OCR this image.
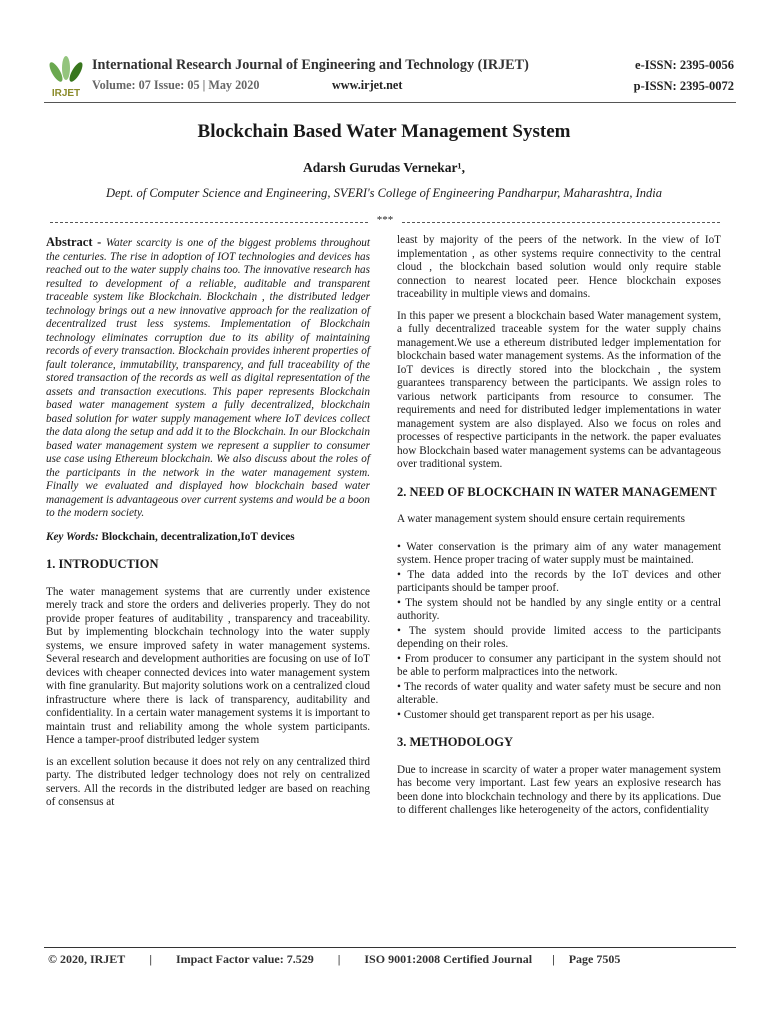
IRJET
International Research Journal of Engineering and Technology (IRJET)
Volume: 07 Issue: 05 | May 2020	www.irjet.net
e-ISSN: 2395-0056
p-ISSN: 2395-0072
Blockchain Based Water Management System
Adarsh Gurudas Vernekar¹,
Dept. of Computer Science and Engineering, SVERI's College of Engineering Pandharpur, Maharashtra, India
***

Abstract - Water scarcity is one of the biggest problems throughout the centuries. The rise in adoption of IOT technologies and devices has reached out to the water supply chains too. The innovative research has resulted to development of a reliable, auditable and transparent traceable system like Blockchain. Blockchain , the distributed ledger technology brings out a new innovative approach for the realization of decentralized trust less systems. Implementation of Blockchain technology eliminates corruption due to its ability of maintaining records of every transaction. Blockchain provides inherent properties of fault tolerance, immutability, transparency, and full traceability of the stored transaction of the records as well as digital representation of the assets and transaction executions. This paper represents Blockchain based water management system a fully decentralized, blockchain based solution for water supply management where IoT devices collect the data along the setup and add it to the Blockchain. In our Blockchain based water management system we represent a supplier to consumer use case using Ethereum blockchain. We also discuss about the roles of the participants in the network in the water management system. Finally we evaluated and displayed how blockchain based water management is advantageous over current systems and would be a boon to the modern society.

Key Words: Blockchain, decentralization,IoT devices

1. INTRODUCTION

The water management systems that are currently under existence merely track and store the orders and deliveries properly. They do not provide proper features of auditability , transparency and traceability. But by implementing blockchain technology into the water supply systems, we ensure improved safety in water management systems. Several research and development authorities are focusing on use of IoT devices with cheaper connected devices into water management system with fine granularity. But majority solutions work on a centralized cloud infrastructure where there is lack of transparency, auditability and confidentiality. In a certain water management systems it is important to maintain trust and reliability among the whole system participants. Hence a tamper-proof distributed ledger system

is an excellent solution because it does not rely on any centralized third party. The distributed ledger technology does not rely on centralized servers. All the records in the distributed ledger are based on reaching of consensus at

least by majority of the peers of the network. In the view of IoT implementation , as other systems require connectivity to the central cloud , the blockchain based solution would only require stable connection to nearest located peer. Hence blockchain exposes traceability in multiple views and domains.

In this paper we present a blockchain based Water management system, a fully decentralized traceable system for the water supply chains management.We use a ethereum distributed ledger implementation for blockchain based water management systems. As the information of the IoT devices is directly stored into the blockchain , the system guarantees transparency between the participants. We assign roles to various network participants from resource to consumer. The requirements and need for distributed ledger implementations in water management system are also displayed. Also we focus on roles and processes of respective participants in the network. the paper evaluates how Blockchain based water management systems can be advantageous over traditional system.

2. NEED OF BLOCKCHAIN IN WATER MANAGEMENT

A water management system should ensure certain requirements

• Water conservation is the primary aim of any water management system. Hence proper tracing of water supply must be maintained.

• The data added into the records by the IoT devices and other participants should be tamper proof.

• The system should not be handled by any single entity or a central authority.

• The system should provide limited access to the participants depending on their roles.

• From producer to consumer any participant in the system should not be able to perform malpractices into the network.

• The records of water quality and water safety must be secure and non alterable.

• Customer should get transparent report as per his usage.

3. METHODOLOGY

Due to increase in scarcity of water a proper water management system has become very important. Last few years an explosive research has been done into blockchain technology and there by its applications. Due to different challenges like heterogeneity of the actors, confidentiality

© 2020, IRJET | Impact Factor value: 7.529 | ISO 9001:2008 Certified Journal | Page 7505
